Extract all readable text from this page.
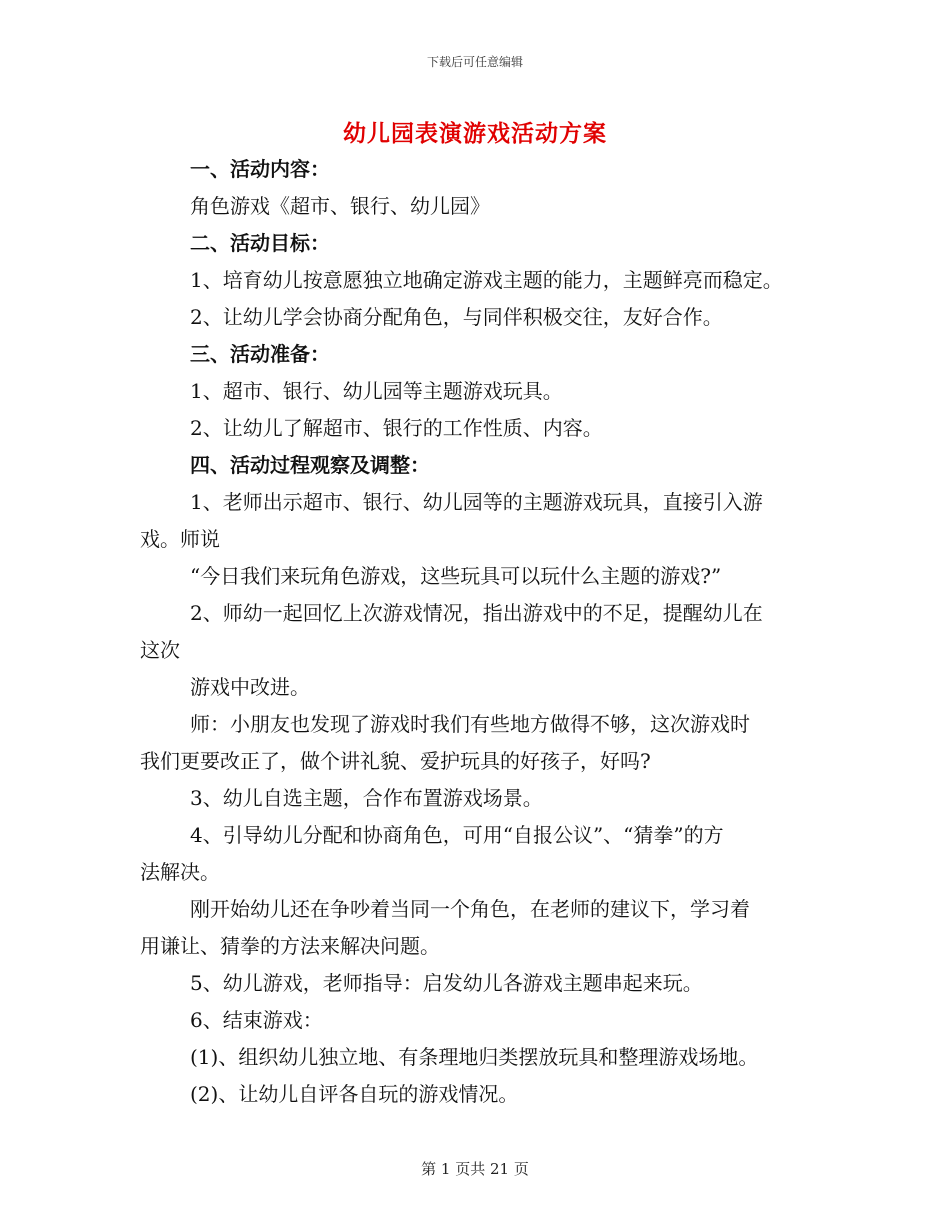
下载后可任意编辑
幼儿园表演游戏活动方案
一、活动内容：
角色游戏《超市、银行、幼儿园》
二、活动目标：
1、培育幼儿按意愿独立地确定游戏主题的能力，主题鲜亮而稳定。
2、让幼儿学会协商分配角色，与同伴积极交往，友好合作。
三、活动准备：
1、超市、银行、幼儿园等主题游戏玩具。
2、让幼儿了解超市、银行的工作性质、内容。
四、活动过程观察及调整：
1、老师出示超市、银行、幼儿园等的主题游戏玩具，直接引入游
戏。师说
“今日我们来玩角色游戏，这些玩具可以玩什么主题的游戏?”
2、师幼一起回忆上次游戏情况，指出游戏中的不足，提醒幼儿在
这次
游戏中改进。
师：小朋友也发现了游戏时我们有些地方做得不够，这次游戏时
我们更要改正了，做个讲礼貌、爱护玩具的好孩子，好吗?
3、幼儿自选主题，合作布置游戏场景。
4、引导幼儿分配和协商角色，可用“自报公议”、“猜拳”的方
法解决。
刚开始幼儿还在争吵着当同一个角色，在老师的建议下，学习着
用谦让、猜拳的方法来解决问题。
5、幼儿游戏，老师指导：启发幼儿各游戏主题串起来玩。
6、结束游戏：
(1)、组织幼儿独立地、有条理地归类摆放玩具和整理游戏场地。
(2)、让幼儿自评各自玩的游戏情况。
第 1 页共 21 页
